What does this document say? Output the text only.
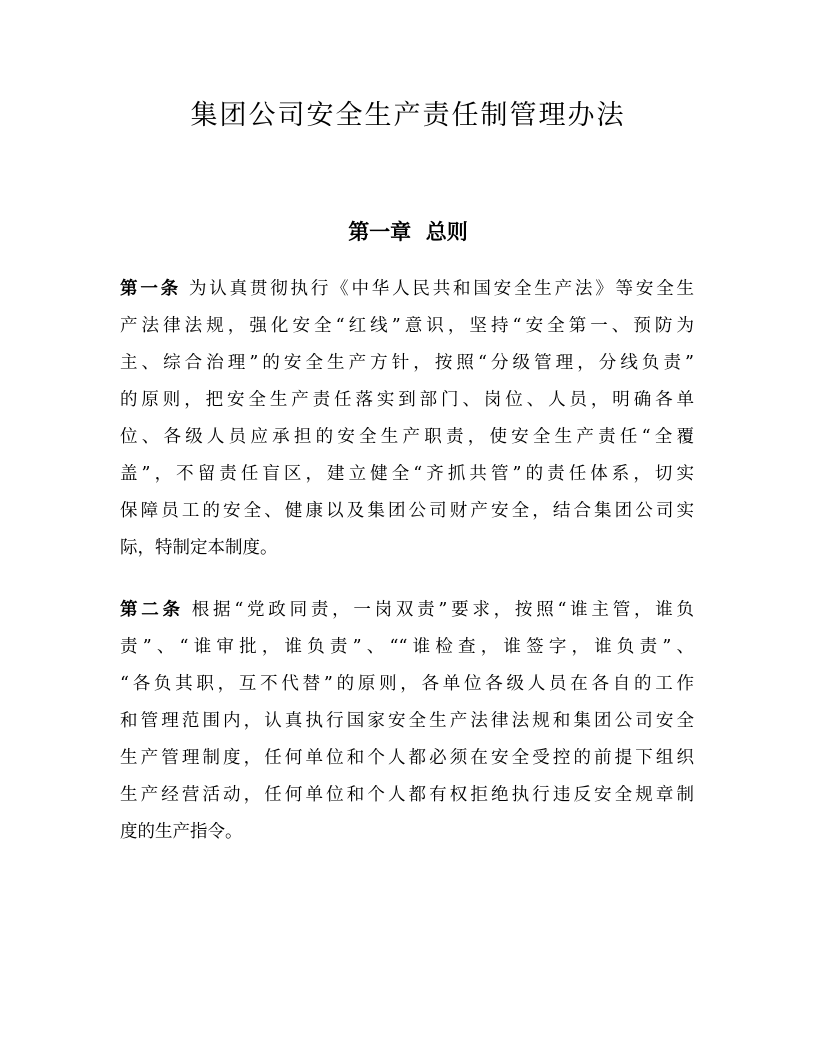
集团公司安全生产责任制管理办法
第一章  总则
第一条 为认真贯彻执行《中华人民共和国安全生产法》等安全生
产法律法规，强化安全“红线”意识，坚持“安全第一、预防为
主、综合治理”的安全生产方针，按照“分级管理，分线负责”
的原则，把安全生产责任落实到部门、岗位、人员，明确各单
位、各级人员应承担的安全生产职责，使安全生产责任“全覆
盖”，不留责任盲区，建立健全“齐抓共管”的责任体系，切实
保障员工的安全、健康以及集团公司财产安全，结合集团公司实
际，特制定本制度。
第二条 根据“党政同责，一岗双责”要求，按照“谁主管，谁负
责”、“谁审批，谁负责”、““谁检查，谁签字，谁负责”、
“各负其职，互不代替”的原则，各单位各级人员在各自的工作
和管理范围内，认真执行国家安全生产法律法规和集团公司安全
生产管理制度，任何单位和个人都必须在安全受控的前提下组织
生产经营活动，任何单位和个人都有权拒绝执行违反安全规章制
度的生产指令。
